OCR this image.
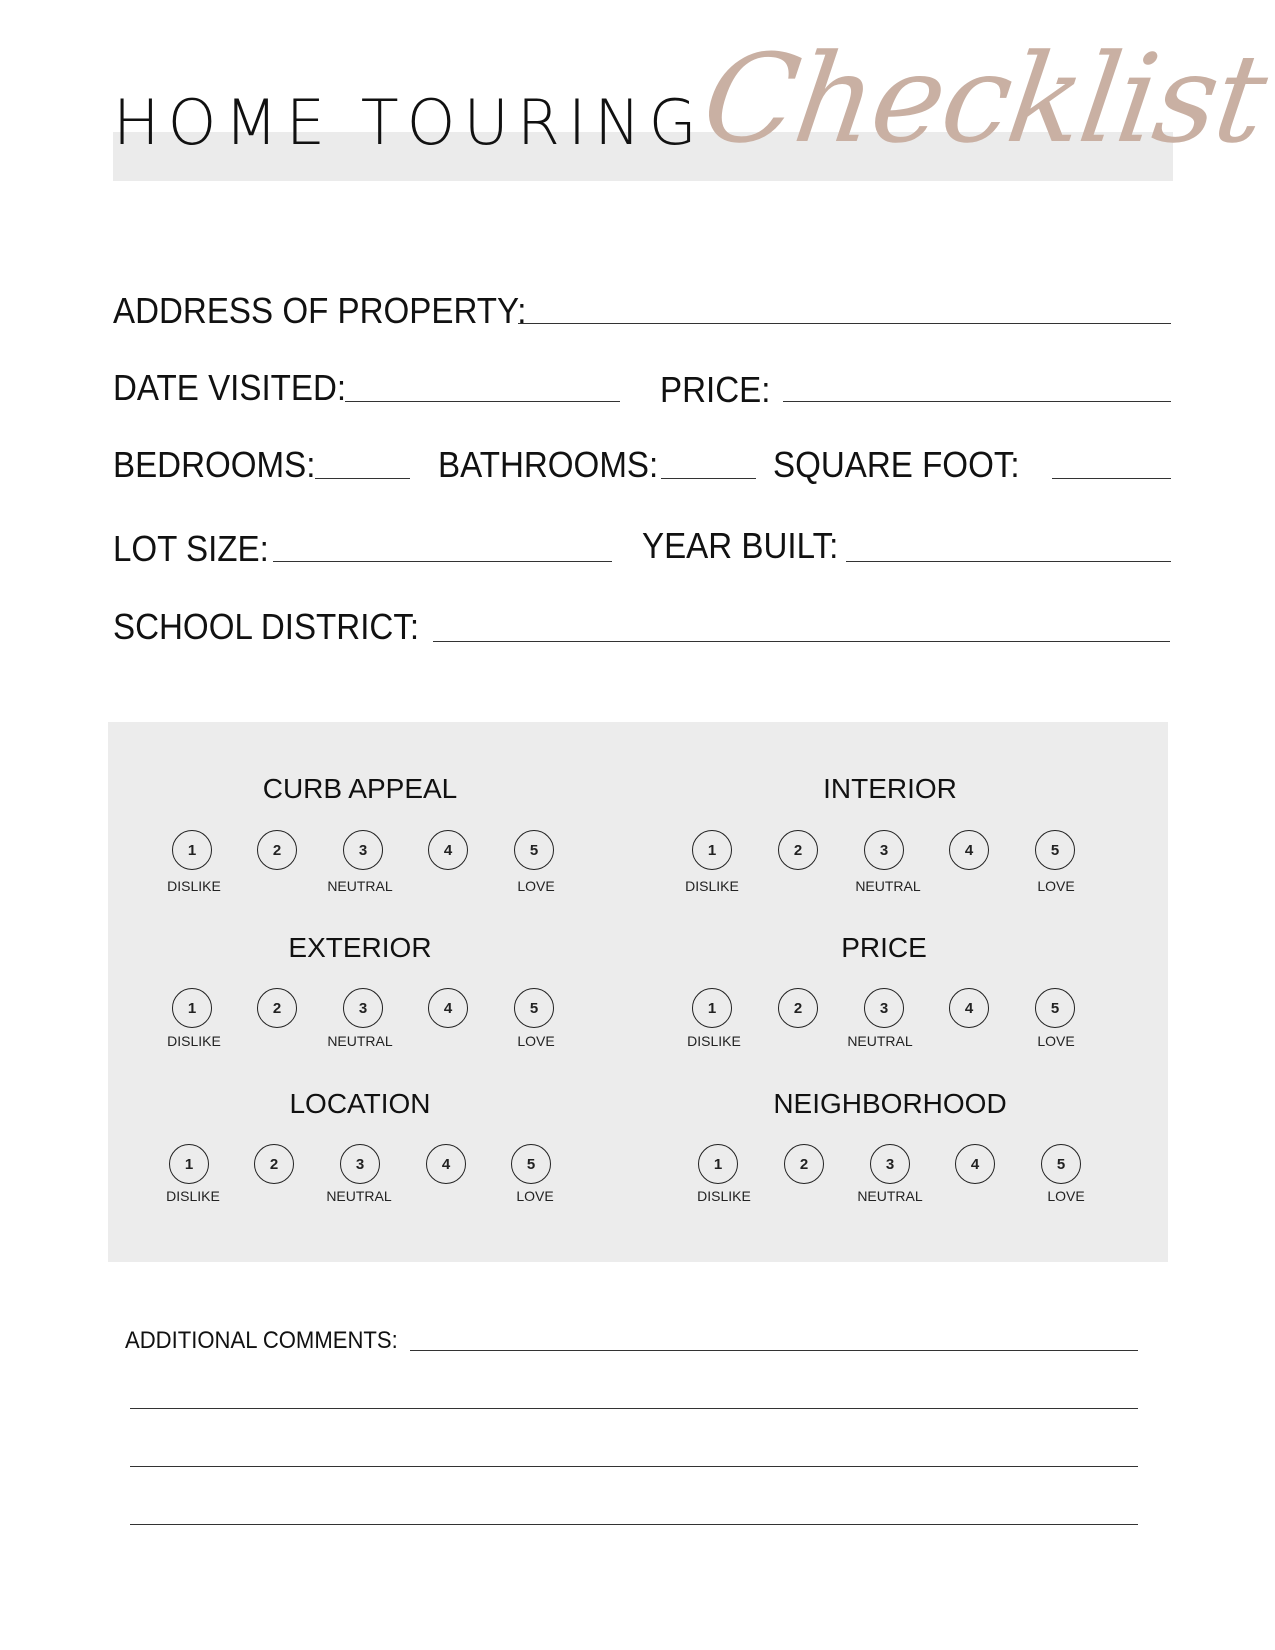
HOME TOURING
Checklist
ADDRESS OF PROPERTY:
DATE VISITED:	PRICE:
BEDROOMS:	BATHROOMS:	SQUARE FOOT:
LOT SIZE:	YEAR BUILT:
SCHOOL DISTRICT:
CURB APPEAL
1	2	3	4	5
DISLIKE	NEUTRAL	LOVE
INTERIOR
1	2	3	4	5
DISLIKE	NEUTRAL	LOVE
EXTERIOR
1	2	3	4	5
DISLIKE	NEUTRAL	LOVE
PRICE
1	2	3	4	5
DISLIKE	NEUTRAL	LOVE
LOCATION
1	2	3	4	5
DISLIKE	NEUTRAL	LOVE
NEIGHBORHOOD
1	2	3	4	5
DISLIKE	NEUTRAL	LOVE
ADDITIONAL COMMENTS:
